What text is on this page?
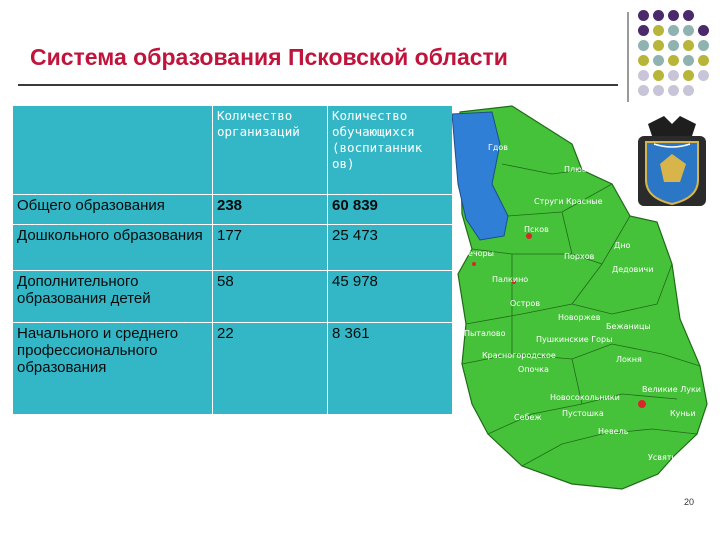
Система образования Псковской области
	Количество организаций	Количество обучающихся (воспитанник ов)
Общего образования	238	60 839
Дошкольного образования	177	25 473
Дополнительного образования детей	58	45 978
Начального и среднего профессионального образования	22	8 361
Гдов
Плюсса
Струги Красные
Псков
Печоры	Порхов
Дно
Дедовичи
Палкино
Остров
Новоржев
Бежаницы
Пыталово
Пушкинские Горы
Красногородское	Локня
Опочка
Новосокольники
Великие Луки
Себеж	Пустошка	Куньи
Невель
Усвяты
20
